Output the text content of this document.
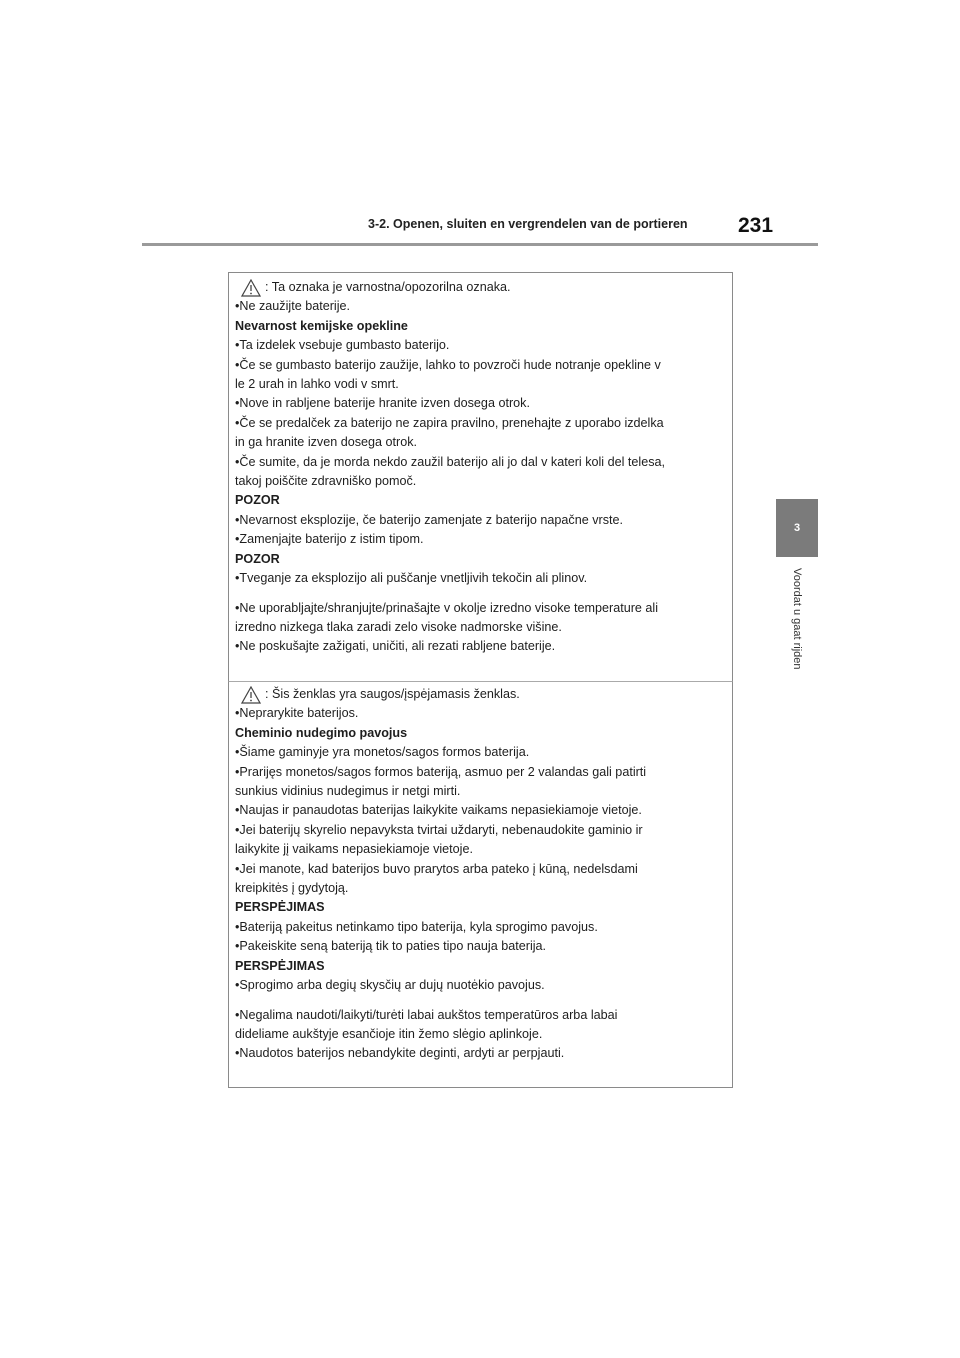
3-2. Openen, sluiten en vergrendelen van de portieren 231
3
Voordat u gaat rijden
: Ta oznaka je varnostna/opozorilna oznaka.
•Ne zaužijte baterije.
Nevarnost kemijske opekline
•Ta izdelek vsebuje gumbasto baterijo.
•Če se gumbasto baterijo zaužije, lahko to povzroči hude notranje opekline v
le 2 urah in lahko vodi v smrt.
•Nove in rabljene baterije hranite izven dosega otrok.
•Če se predalček za baterijo ne zapira pravilno, prenehajte z uporabo izdelka
in ga hranite izven dosega otrok.
•Če sumite, da je morda nekdo zaužil baterijo ali jo dal v kateri koli del telesa,
takoj poiščite zdravniško pomoč.
POZOR
•Nevarnost eksplozije, če baterijo zamenjate z baterijo napačne vrste.
•Zamenjajte baterijo z istim tipom.
POZOR
•Tveganje za eksplozijo ali puščanje vnetljivih tekočin ali plinov.
•Ne uporabljajte/shranjujte/prinašajte v okolje izredno visoke temperature ali
izredno nizkega tlaka zaradi zelo visoke nadmorske višine.
•Ne poskušajte zažigati, uničiti, ali rezati rabljene baterije.
: Šis ženklas yra saugos/įspėjamasis ženklas.
•Neprarykite baterijos.
Cheminio nudegimo pavojus
•Šiame gaminyje yra monetos/sagos formos baterija.
•Prarijęs monetos/sagos formos bateriją, asmuo per 2 valandas gali patirti
sunkius vidinius nudegimus ir netgi mirti.
•Naujas ir panaudotas baterijas laikykite vaikams nepasiekiamoje vietoje.
•Jei baterijų skyrelio nepavyksta tvirtai uždaryti, nebenaudokite gaminio ir
laikykite jį vaikams nepasiekiamoje vietoje.
•Jei manote, kad baterijos buvo prarytos arba pateko į kūną, nedelsdami
kreipkitės į gydytoją.
PERSPĖJIMAS
•Bateriją pakeitus netinkamo tipo baterija, kyla sprogimo pavojus.
•Pakeiskite seną bateriją tik to paties tipo nauja baterija.
PERSPĖJIMAS
•Sprogimo arba degių skysčių ar dujų nuotėkio pavojus.
•Negalima naudoti/laikyti/turėti labai aukštos temperatūros arba labai
dideliame aukštyje esančioje itin žemo slėgio aplinkoje.
•Naudotos baterijos nebandykite deginti, ardyti ar perpjauti.
